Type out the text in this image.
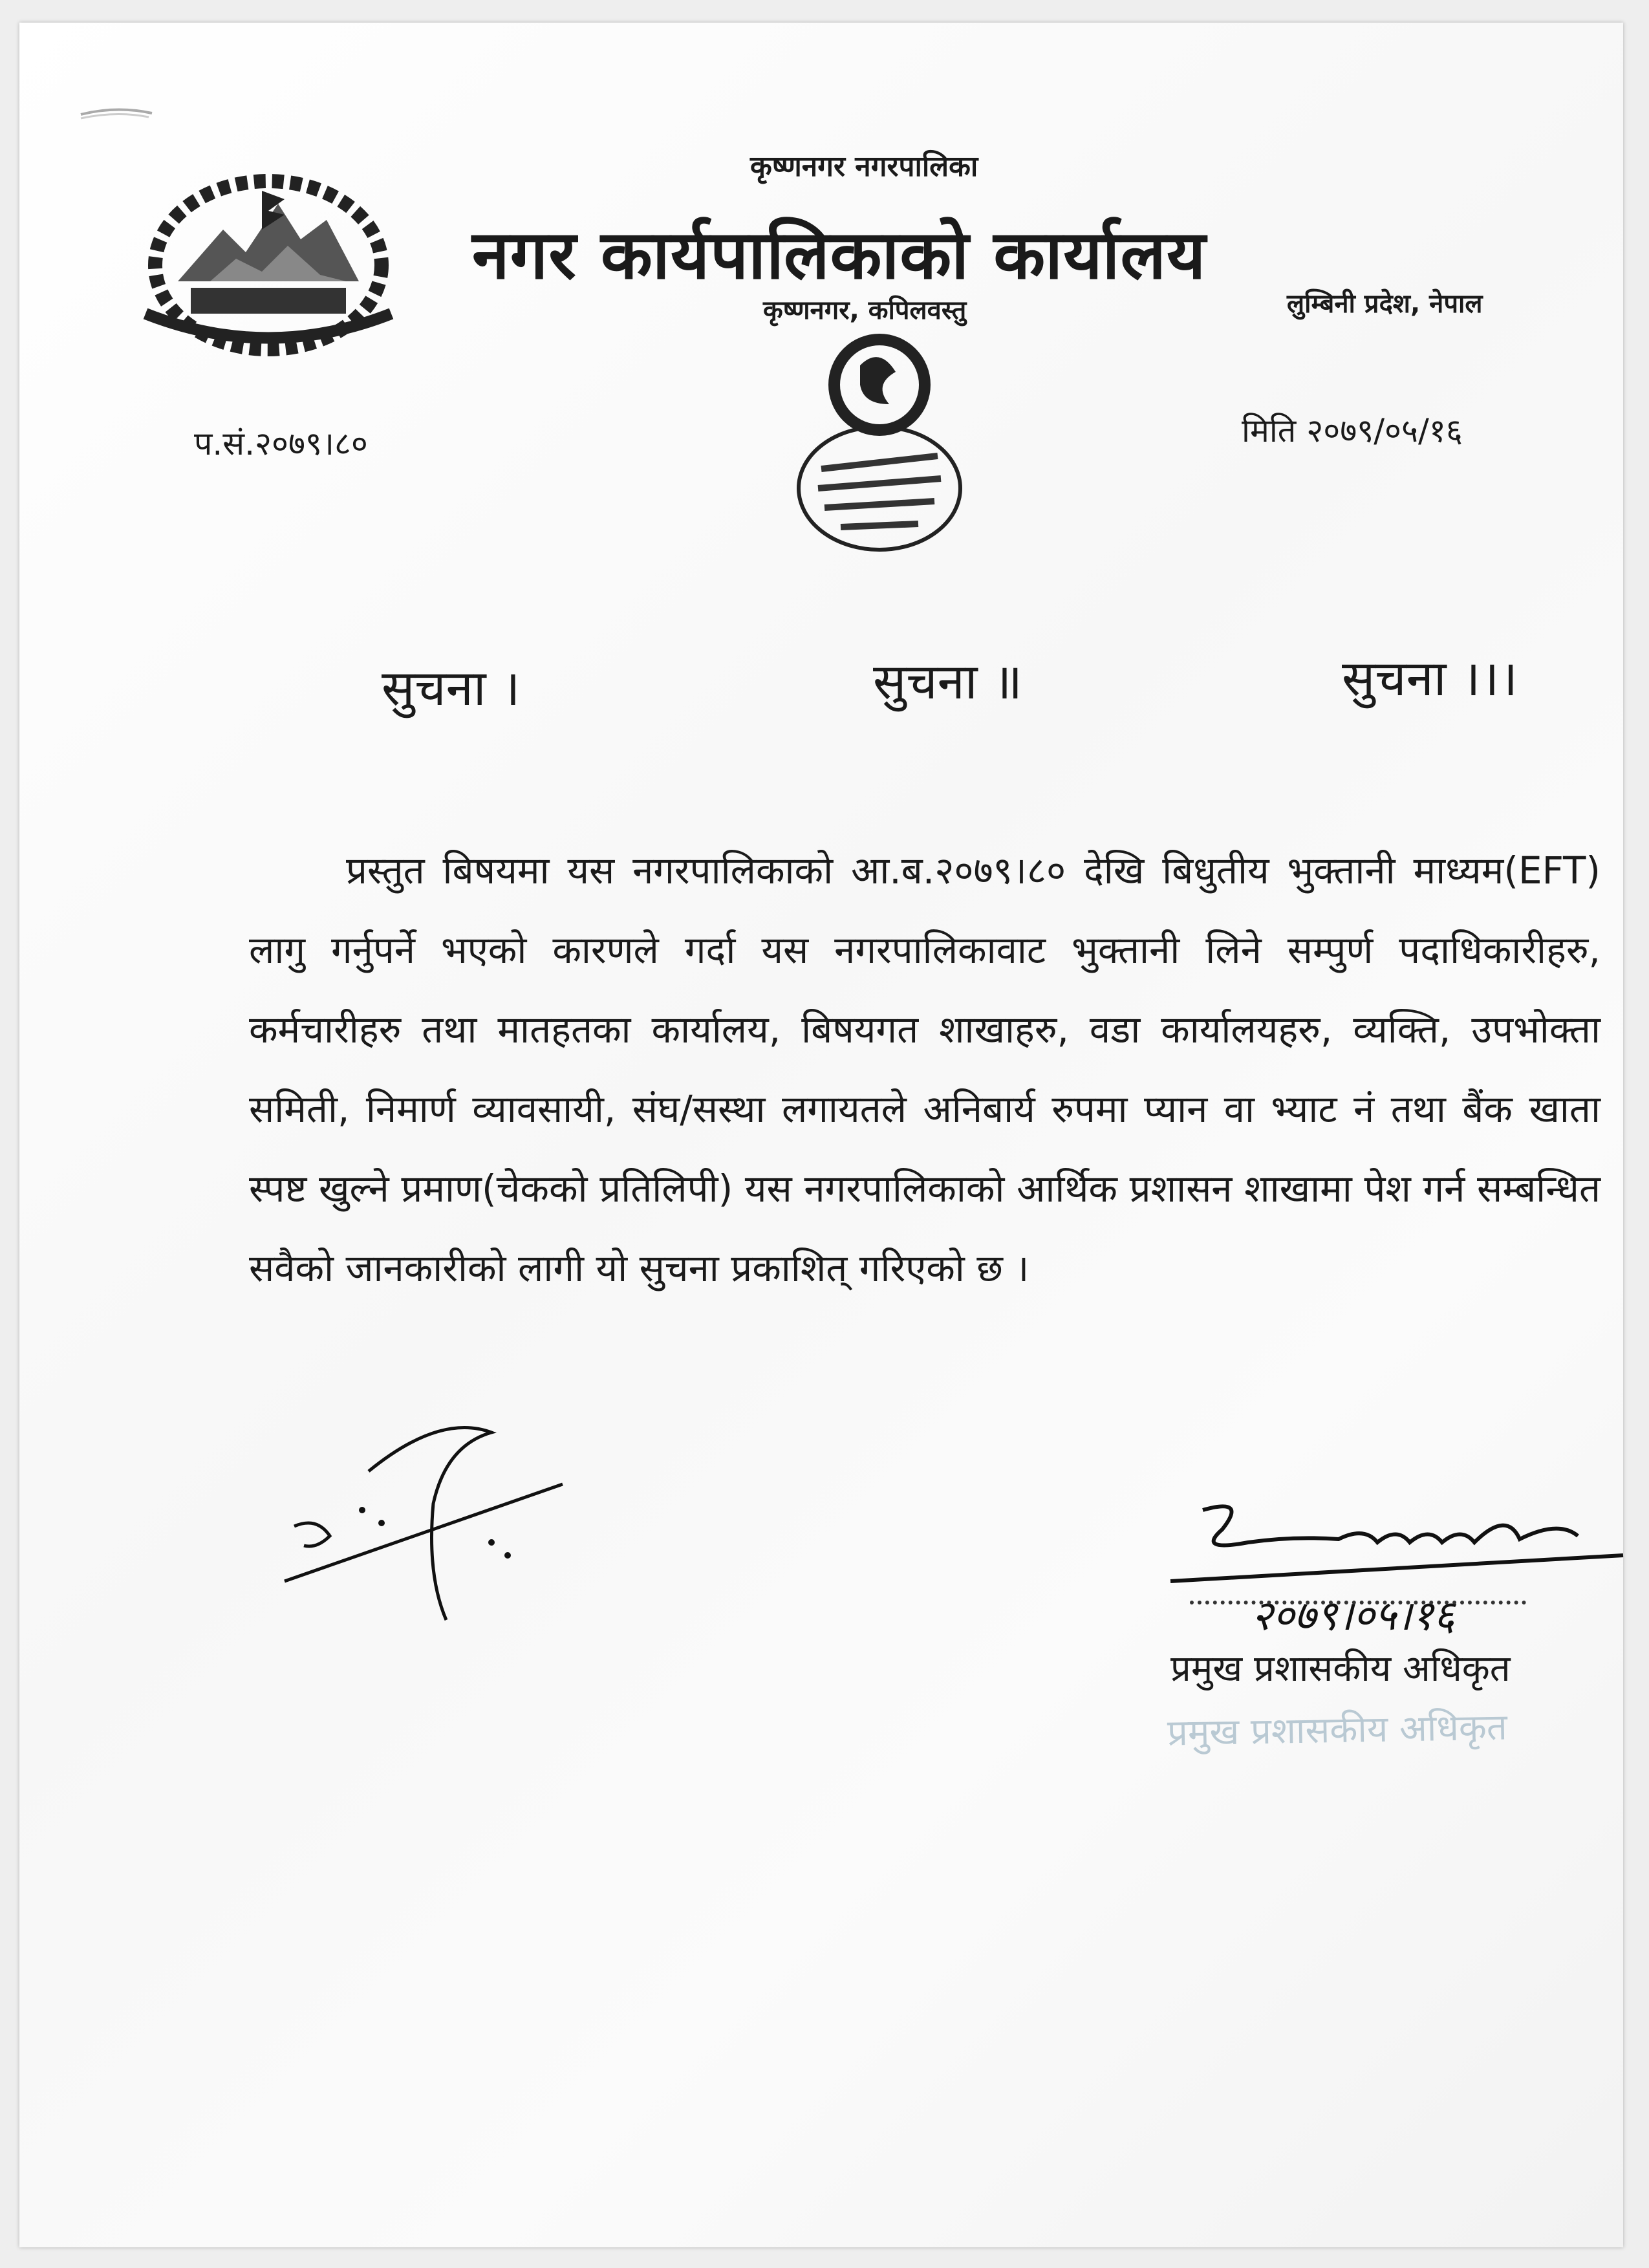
कृष्णनगर नगरपालिका
नगर कार्यपालिकाको कार्यालय
कृष्णनगर, कपिलवस्तु	लुम्बिनी प्रदेश, नेपाल
प.सं.२०७९।८०	मिति २०७९/०५/१६
सुचना ।	सुचना ॥	सुचना ।।।
प्रस्तुत बिषयमा यस नगरपालिकाको आ.ब.२०७९।८० देखि बिधुतीय भुक्तानी माध्यम(EFT) लागु गर्नुपर्ने भएको कारणले गर्दा यस नगरपालिकावाट भुक्तानी लिने सम्पुर्ण पदाधिकारीहरु, कर्मचारीहरु तथा मातहतका कार्यालय, बिषयगत शाखाहरु, वडा कार्यालयहरु, व्यक्ति, उपभोक्ता समिती, निमार्ण व्यावसायी, संघ/सस्था लगायतले अनिबार्य रुपमा प्यान वा भ्याट नं तथा बैंक खाता स्पष्ट खुल्ने प्रमाण(चेकको प्रतिलिपी) यस नगरपालिकाको आर्थिक प्रशासन शाखामा पेश गर्न सम्बन्धित सवैको जानकारीको लागी यो सुचना प्रकाशित् गरिएको छ ।
२०७९।०५।१६
प्रमुख प्रशासकीय अधिकृत
प्रमुख प्रशासकीय अधिकृत
